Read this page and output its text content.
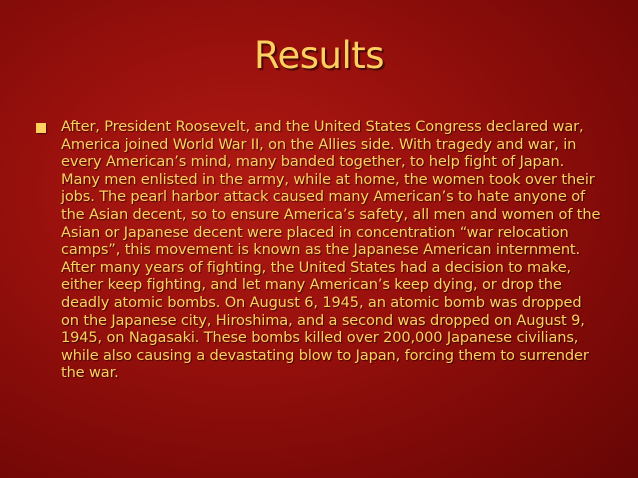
Results
After, President Roosevelt, and the United States Congress declared war, America joined World War II, on the Allies side. With tragedy and war, in every American’s mind, many banded together, to help fight of Japan. Many men enlisted in the army, while at home, the women took over their jobs. The pearl harbor attack caused many American’s to hate anyone of the Asian decent, so to ensure America’s safety, all men and women of the Asian or Japanese decent were placed in concentration “war relocation camps”, this movement is known as the Japanese American internment. After many years of fighting, the United States had a decision to make, either keep fighting, and let many American’s keep dying, or drop the deadly atomic bombs. On August 6, 1945, an atomic bomb was dropped on the Japanese city, Hiroshima, and a second was dropped on August 9, 1945, on Nagasaki. These bombs killed over 200,000 Japanese civilians, while also causing a devastating blow to Japan, forcing them to surrender the war.
